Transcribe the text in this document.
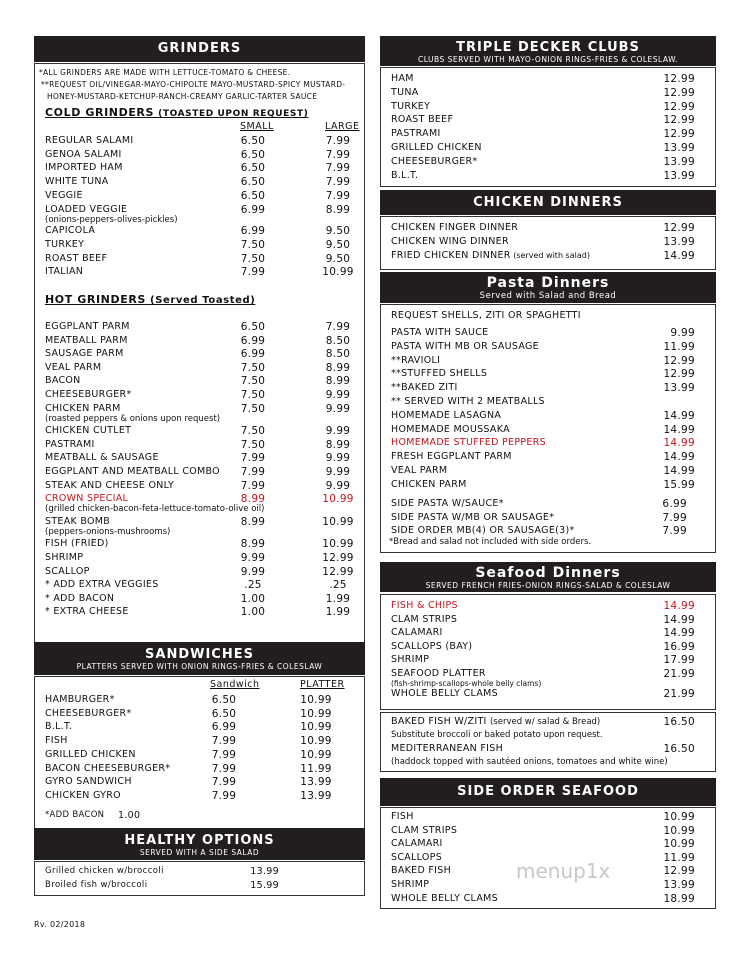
GRINDERS
*ALL GRINDERS ARE MADE WITH LETTUCE-TOMATO & CHEESE.
**REQUEST OIL/VINEGAR-MAYO-CHIPOLTE MAYO-MUSTARD-SPICY MUSTARD-
HONEY-MUSTARD-KETCHUP-RANCH-CREAMY GARLIC-TARTER SAUCE
COLD GRINDERS (TOASTED UPON REQUEST)
SMALL	LARGE
REGULAR SALAMI	6.50	7.99
GENOA SALAMI	6.50	7.99
IMPORTED HAM	6.50	7.99
WHITE TUNA	6.50	7.99
VEGGIE	6.50	7.99
LOADED VEGGIE	6.99	8.99
(onions-peppers-olives-pickles)
CAPICOLA	6.99	9.50
TURKEY	7.50	9.50
ROAST BEEF	7.50	9.50
ITALIAN	7.99	10.99
HOT GRINDERS (Served Toasted)
EGGPLANT PARM	6.50	7.99
MEATBALL PARM	6.99	8.50
SAUSAGE PARM	6.99	8.50
VEAL PARM	7.50	8.99
BACON	7.50	8.99
CHEESEBURGER*	7.50	9.99
CHICKEN PARM	7.50	9.99
(roasted peppers & onions upon request)
CHICKEN CUTLET	7.50	9.99
PASTRAMI	7.50	8.99
MEATBALL & SAUSAGE	7.99	9.99
EGGPLANT AND MEATBALL COMBO	7.99	9.99
STEAK AND CHEESE ONLY	7.99	9.99
CROWN SPECIAL	8.99	10.99
(grilled chicken-bacon-feta-lettuce-tomato-olive oil)
STEAK BOMB	8.99	10.99
(peppers-onions-mushrooms)
FISH (FRIED)	8.99	10.99
SHRIMP	9.99	12.99
SCALLOP	9.99	12.99
* ADD EXTRA VEGGIES	.25	.25
* ADD BACON	1.00	1.99
* EXTRA CHEESE	1.00	1.99
SANDWICHES
PLATTERS SERVED WITH ONION RINGS-FRIES & COLESLAW
Sandwich	PLATTER
HAMBURGER*	6.50	10.99
CHEESEBURGER*	6.50	10.99
B.L.T.	6.99	10.99
FISH	7.99	10.99
GRILLED CHICKEN	7.99	10.99
BACON CHEESEBURGER*	7.99	11.99
GYRO SANDWICH	7.99	13.99
CHICKEN GYRO	7.99	13.99
*ADD BACON 1.00
HEALTHY OPTIONS
SERVED WITH A SIDE SALAD
Grilled chicken w/broccoli	13.99
Broiled fish w/broccoli	15.99
Rv. 02/2018
TRIPLE DECKER CLUBS
CLUBS SERVED WITH MAYO-ONION RINGS-FRIES & COLESLAW.
HAM	12.99
TUNA	12.99
TURKEY	12.99
ROAST BEEF	12.99
PASTRAMI	12.99
GRILLED CHICKEN	13.99
CHEESEBURGER*	13.99
B.L.T.	13.99
CHICKEN DINNERS
CHICKEN FINGER DINNER	12.99
CHICKEN WING DINNER	13.99
FRIED CHICKEN DINNER (served with salad)	14.99
Pasta Dinners
Served with Salad and Bread
REQUEST SHELLS, ZITI OR SPAGHETTI
PASTA WITH SAUCE	9.99
PASTA WITH MB OR SAUSAGE	11.99
**RAVIOLI	12.99
**STUFFED SHELLS	12.99
**BAKED ZITI	13.99
** SERVED WITH 2 MEATBALLS
HOMEMADE LASAGNA	14.99
HOMEMADE MOUSSAKA	14.99
HOMEMADE STUFFED PEPPERS	14.99
FRESH EGGPLANT PARM	14.99
VEAL PARM	14.99
CHICKEN PARM	15.99
SIDE PASTA W/SAUCE*	6.99
SIDE PASTA W/MB OR SAUSAGE*	7.99
SIDE ORDER MB(4) OR SAUSAGE(3)*	7.99
*Bread and salad not included with side orders.
Seafood Dinners
SERVED FRENCH FRIES-ONION RINGS-SALAD & COLESLAW
FISH & CHIPS	14.99
CLAM STRIPS	14.99
CALAMARI	14.99
SCALLOPS (BAY)	16.99
SHRIMP	17.99
SEAFOOD PLATTER	21.99
(fish-shrimp-scallops-whole belly clams)
WHOLE BELLY CLAMS	21.99
BAKED FISH W/ZITI (served w/ salad & Bread)	16.50
Substitute broccoli or baked potato upon request.
MEDITERRANEAN FISH	16.50
(haddock topped with sautéed onions, tomatoes and white wine)
SIDE ORDER SEAFOOD
FISH	10.99
CLAM STRIPS	10.99
CALAMARI	10.99
SCALLOPS	11.99
BAKED FISH	12.99
SHRIMP	13.99
WHOLE BELLY CLAMS	18.99
menup1x
